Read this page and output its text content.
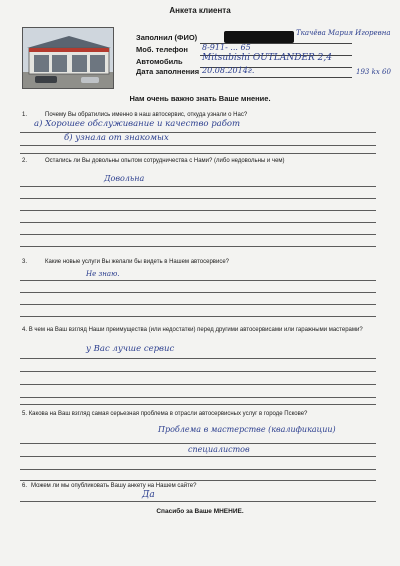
Анкета клиента
Заполнил (ФИО)	Ткачёва Мария Игоревна
Моб. телефон 8-911- ... 65
Автомобиль Mitsubishi OUTLANDER 2,4
193 kx 60
Дата заполнения 20.08.2014г.
Нам очень важно знать Ваше мнение.
1.	Почему Вы обратились именно в наш автосервис, откуда узнали о Нас?
а) Хорошее обслуживание и качество работ
б) узнала от знакомых
2.	Остались ли Вы довольны опытом сотрудничества с Нами? (либо недовольны и чем)
Довольна
3.	Какие новые услуги Вы желали бы видеть в Нашем автосервисе?
Не знаю.
4. В чем на Ваш взгляд Наши преимущества (или недостатки) перед другими автосервисами или гаражными мастерами?
у Вас лучше сервис
5. Какова на Ваш взгляд самая серьезная проблема в отрасли автосервисных услуг в городе Пскове?
Проблема в мастерстве (квалификации)
специалистов
6. Можем ли мы опубликовать Вашу анкету на Нашем сайте?
Да
Спасибо за Ваше МНЕНИЕ.
